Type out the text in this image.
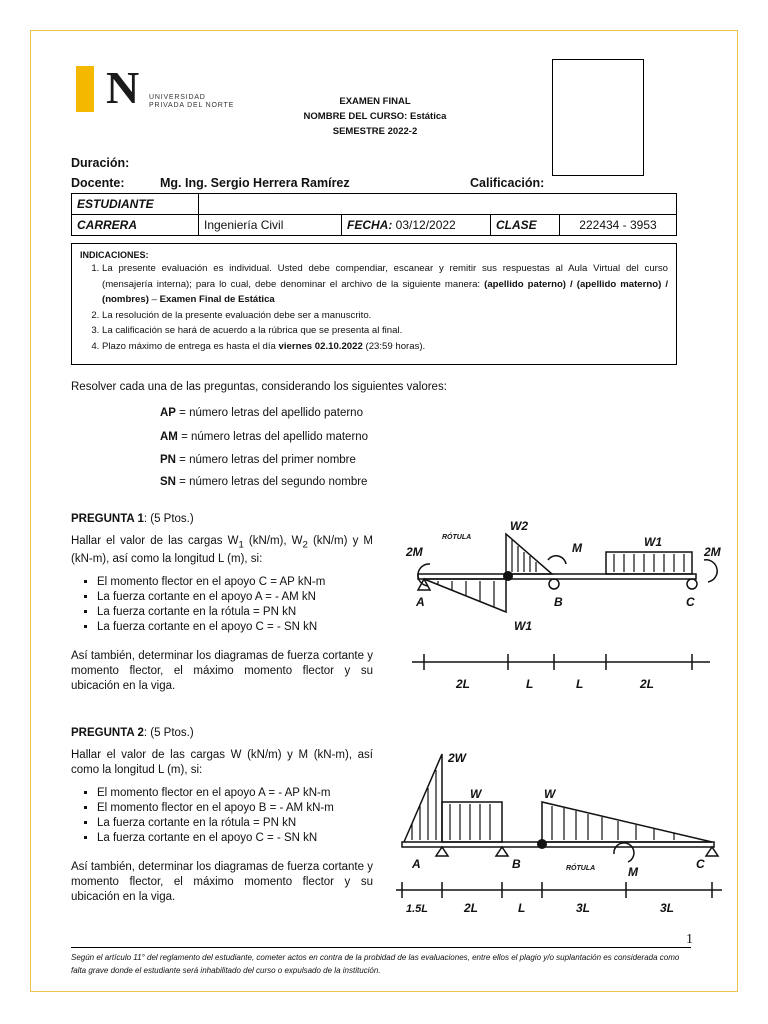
N UNIVERSIDAD
PRIVADA DEL NORTE	EXAMEN FINAL
NOMBRE DEL CURSO: Estática
SEMESTRE 2022-2
Duración:
Docente:	Mg. Ing. Sergio Herrera Ramírez	Calificación:
ESTUDIANTE				
CARRERA	Ingeniería Civil	FECHA: 03/12/2022	CLASE	222434 - 3953
INDICACIONES:
1. La presente evaluación es individual. Usted debe compendiar, escanear y remitir sus respuestas al Aula Virtual del curso (mensajería interna); para lo cual, debe denominar el archivo de la siguiente manera: (apellido paterno) / (apellido materno) / (nombres) – Examen Final de Estática
2. La resolución de la presente evaluación debe ser a manuscrito.
3. La calificación se hará de acuerdo a la rúbrica que se presenta al final.
4. Plazo máximo de entrega es hasta el día viernes 02.10.2022 (23:59 horas).
Resolver cada una de las preguntas, considerando los siguientes valores:
AP = número letras del apellido paterno
AM = número letras del apellido materno
PN = número letras del primer nombre
SN = número letras del segundo nombre
PREGUNTA 1: (5 Ptos.)
Hallar el valor de las cargas $W_1$ (kN/m), $W_2$ (kN/m) y M (kN-m), así como la longitud L (m), si:
▪ El momento flector en el apoyo C = AP kN-m
▪ La fuerza cortante en el apoyo A = - AM kN
▪ La fuerza cortante en la rótula = PN kN
▪ La fuerza cortante en el apoyo C = - SN kN
Así también, determinar los diagramas de fuerza cortante y momento flector, el máximo momento flector y su ubicación en la viga.
W2
RÓTULA
M	W1
W1
2M	2M
A	B	C
2L	L	L	2L
PREGUNTA 2: (5 Ptos.)
Hallar el valor de las cargas W (kN/m) y M (kN-m), así como la longitud L (m), si:
▪ El momento flector en el apoyo A = - AP kN-m
▪ El momento flector en el apoyo B = - AM kN-m
▪ La fuerza cortante en la rótula = PN kN
▪ La fuerza cortante en el apoyo C = - SN kN
Así también, determinar los diagramas de fuerza cortante y momento flector, el máximo momento flector y su ubicación en la viga.
2W
W	W
A	B	RÓTULA	M
C
1.5L	2L	L	3L	3L
1
Según el artículo 11° del reglamento del estudiante, cometer actos en contra de la probidad de las evaluaciones, entre ellos el plagio y/o suplantación es considerada como falta grave donde el estudiante será inhabilitado del curso o expulsado de la institución.
